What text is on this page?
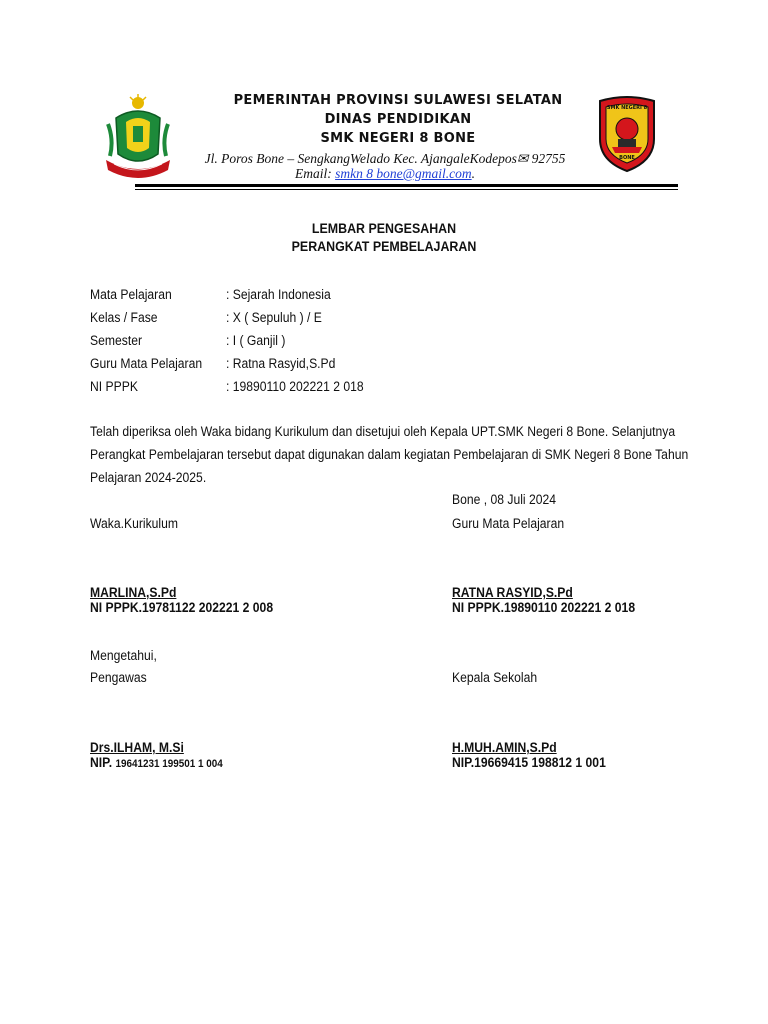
SMK NEGERI 8
BONE
PEMERINTAH PROVINSI SULAWESI SELATAN
DINAS PENDIDIKAN
SMK NEGERI 8 BONE
Jl. Poros Bone – SengkangWelado Kec. AjangaleKodepos✉ 92755
Email: smkn 8 bone@gmail.com.
LEMBAR PENGESAHAN
PERANGKAT PEMBELAJARAN
Mata Pelajaran	: Sejarah Indonesia
Kelas / Fase	: X ( Sepuluh ) / E
Semester	: I ( Ganjil )
Guru Mata Pelajaran : Ratna Rasyid,S.Pd
NI PPPK	: 19890110 202221 2 018
Telah diperiksa oleh Waka bidang Kurikulum dan disetujui oleh Kepala UPT.SMK Negeri 8 Bone. Selanjutnya
Perangkat Pembelajaran tersebut dapat digunakan dalam kegiatan Pembelajaran di SMK Negeri 8 Bone Tahun
Pelajaran 2024-2025.
Bone , 08 Juli 2024
Waka.Kurikulum	Guru Mata Pelajaran
MARLINA,S.Pd
NI PPPK.19781122 202221 2 008
RATNA RASYID,S.Pd
NI PPPK.19890110 202221 2 018
Mengetahui,
Pengawas	Kepala Sekolah
Drs.ILHAM, M.Si
NIP. 19641231 199501 1 004
H.MUH.AMIN,S.Pd
NIP.19669415 198812 1 001
